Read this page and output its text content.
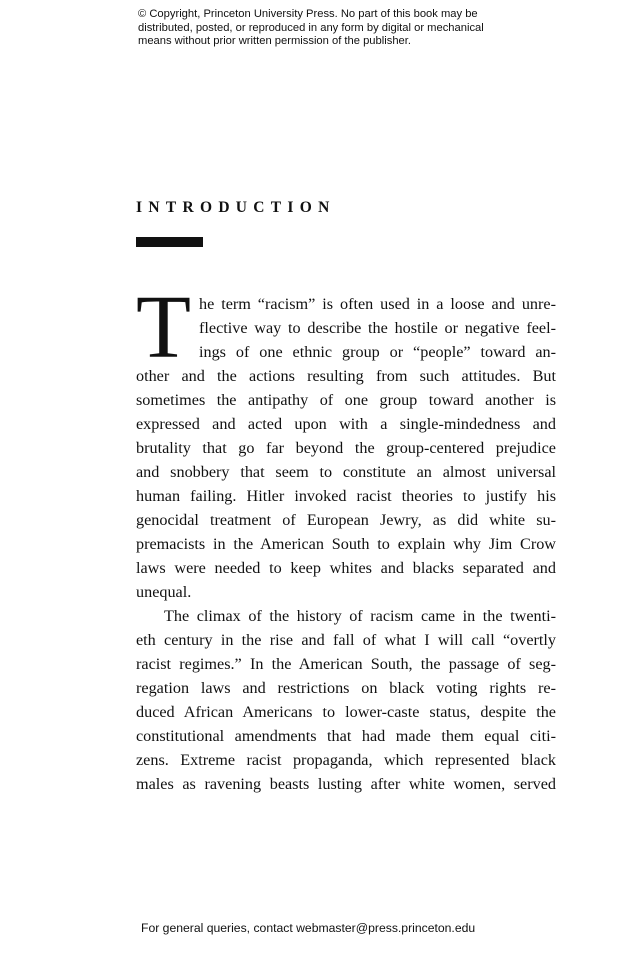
© Copyright, Princeton University Press. No part of this book may be
distributed, posted, or reproduced in any form by digital or mechanical
means without prior written permission of the publisher.
INTRODUCTION
T he term “racism” is often used in a loose and unre-
flective way to describe the hostile or negative feel-
ings of one ethnic group or “people” toward an-
other and the actions resulting from such attitudes. But
sometimes the antipathy of one group toward another is
expressed and acted upon with a single-mindedness and
brutality that go far beyond the group-centered prejudice
and snobbery that seem to constitute an almost universal
human failing. Hitler invoked racist theories to justify his
genocidal treatment of European Jewry, as did white su-
premacists in the American South to explain why Jim Crow
laws were needed to keep whites and blacks separated and
unequal.
The climax of the history of racism came in the twenti-
eth century in the rise and fall of what I will call “overtly
racist regimes.” In the American South, the passage of seg-
regation laws and restrictions on black voting rights re-
duced African Americans to lower-caste status, despite the
constitutional amendments that had made them equal citi-
zens. Extreme racist propaganda, which represented black
males as ravening beasts lusting after white women, served
For general queries, contact webmaster@press.princeton.edu
